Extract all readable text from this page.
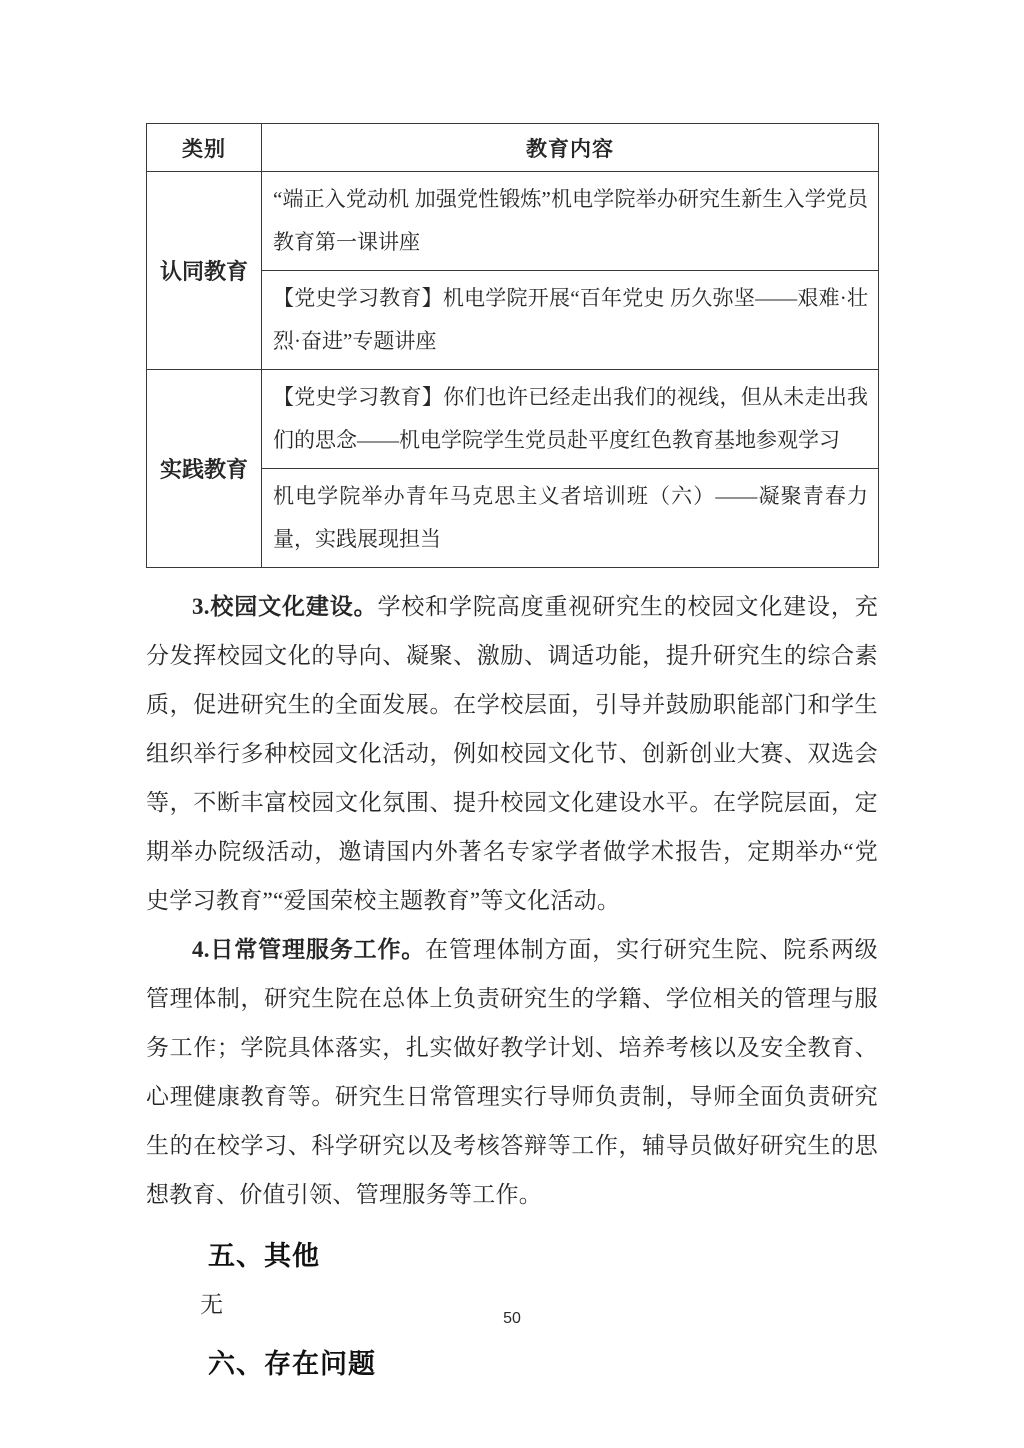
类别	教育内容
认同教育	“端正入党动机 加强党性锻炼”机电学院举办研究生新生入学党员教育第一课讲座
	【党史学习教育】机电学院开展“百年党史 历久弥坚——艰难·壮烈·奋进”专题讲座
实践教育	【党史学习教育】你们也许已经走出我们的视线，但从未走出我们的思念——机电学院学生党员赴平度红色教育基地参观学习
	机电学院举办青年马克思主义者培训班（六）——凝聚青春力量，实践展现担当

3.校园文化建设。学校和学院高度重视研究生的校园文化建设，充分发挥校园文化的导向、凝聚、激励、调适功能，提升研究生的综合素质，促进研究生的全面发展。在学校层面，引导并鼓励职能部门和学生组织举行多种校园文化活动，例如校园文化节、创新创业大赛、双选会等，不断丰富校园文化氛围、提升校园文化建设水平。在学院层面，定期举办院级活动，邀请国内外著名专家学者做学术报告，定期举办“党史学习教育”“爱国荣校主题教育”等文化活动。

4.日常管理服务工作。在管理体制方面，实行研究生院、院系两级管理体制，研究生院在总体上负责研究生的学籍、学位相关的管理与服务工作；学院具体落实，扎实做好教学计划、培养考核以及安全教育、心理健康教育等。研究生日常管理实行导师负责制，导师全面负责研究生的在校学习、科学研究以及考核答辩等工作，辅导员做好研究生的思想教育、价值引领、管理服务等工作。

五、其他

无

六、存在问题
50
